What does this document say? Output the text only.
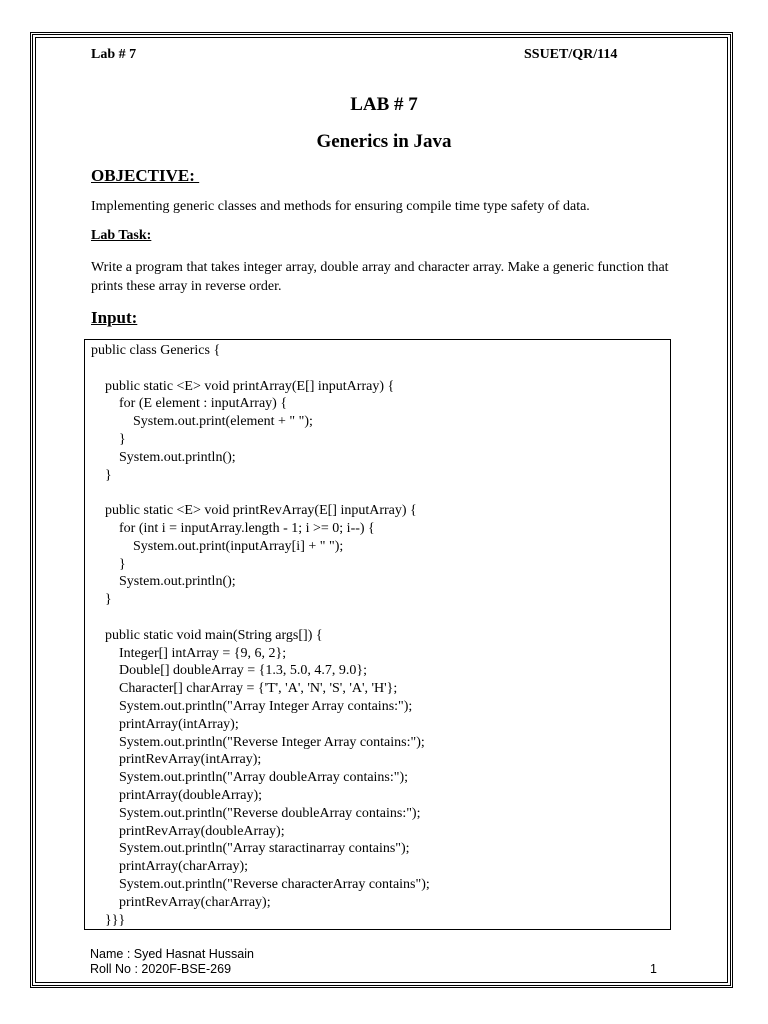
Lab # 7	SSUET/QR/114
LAB # 7
Generics in Java
OBJECTIVE:
Implementing generic classes and methods for ensuring compile time type safety of data.
Lab Task:
Write a program that takes integer array, double array and character array. Make a generic function that prints these array in reverse order.
Input:
public class Generics {
public static <E> void printArray(E[] inputArray) {
for (E element : inputArray) {
System.out.print(element + " ");
}
System.out.println();
}
public static <E> void printRevArray(E[] inputArray) {
for (int i = inputArray.length - 1; i >= 0; i--) {
System.out.print(inputArray[i] + " ");
}
System.out.println();
}
public static void main(String args[]) {
Integer[] intArray = {9, 6, 2};
Double[] doubleArray = {1.3, 5.0, 4.7, 9.0};
Character[] charArray = {'T', 'A', 'N', 'S', 'A', 'H'};
System.out.println("Array Integer Array contains:");
printArray(intArray);
System.out.println("Reverse Integer Array contains:");
printRevArray(intArray);
System.out.println("Array doubleArray contains:");
printArray(doubleArray);
System.out.println("Reverse doubleArray contains:");
printRevArray(doubleArray);
System.out.println("Array staractinarray contains");
printArray(charArray);
System.out.println("Reverse characterArray contains");
printRevArray(charArray);
}}}
Name : Syed Hasnat Hussain
Roll No : 2020F-BSE-269	1
